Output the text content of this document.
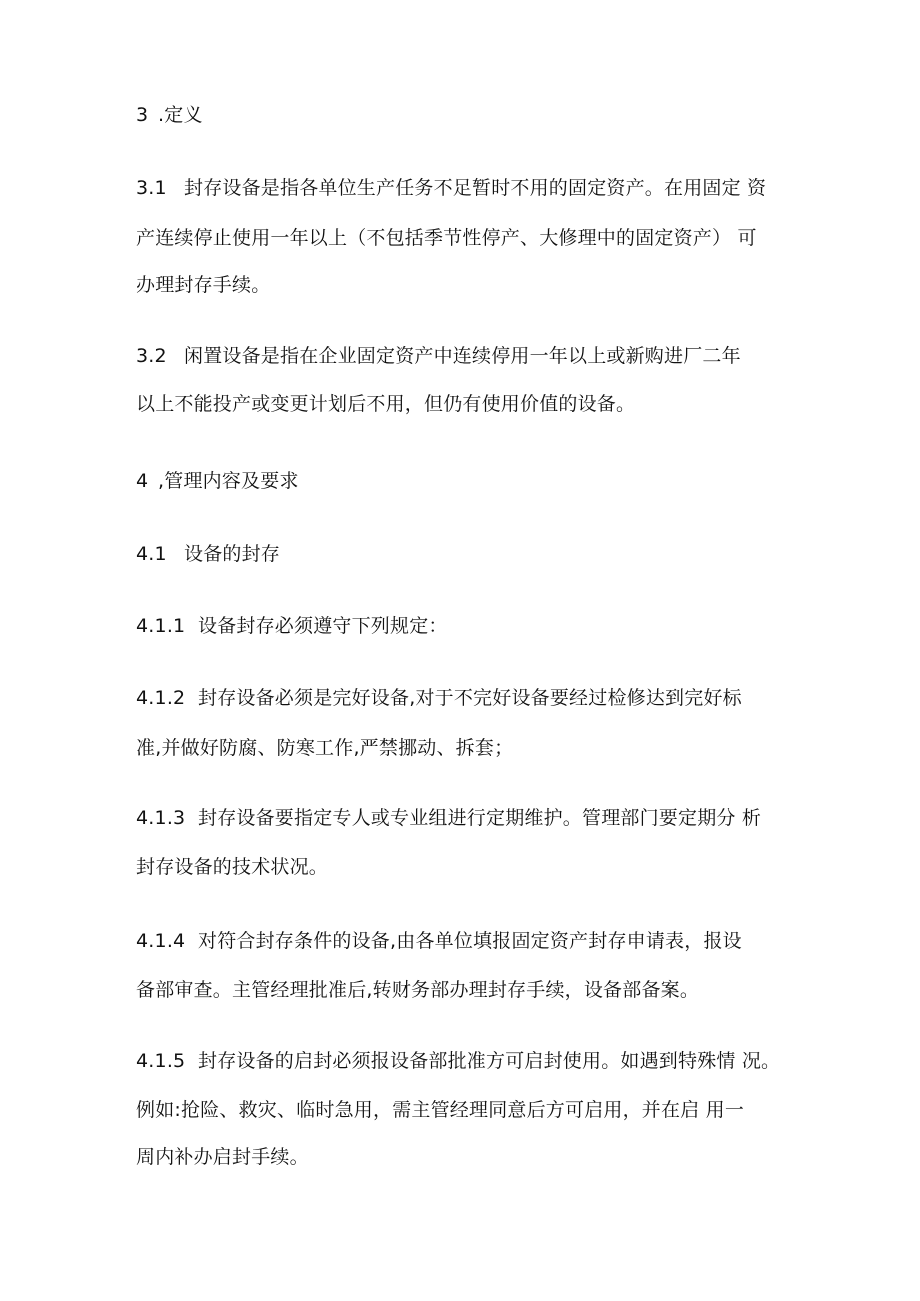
3 .定义
3.1 封存设备是指各单位生产任务不足暂时不用的固定资产。在用固定 资
产连续停止使用一年以上（不包括季节性停产、大修理中的固定资产） 可
办理封存手续。
3.2 闲置设备是指在企业固定资产中连续停用一年以上或新购进厂二年
以上不能投产或变更计划后不用，但仍有使用价值的设备。
4 ,管理内容及要求
4.1 设备的封存
4.1.1 设备封存必须遵守下列规定：
4.1.2 封存设备必须是完好设备,对于不完好设备要经过检修达到完好标
准,并做好防腐、防寒工作,严禁挪动、拆套；
4.1.3 封存设备要指定专人或专业组进行定期维护。管理部门要定期分 析
封存设备的技术状况。
4.1.4 对符合封存条件的设备,由各单位填报固定资产封存申请表，报设
备部审查。主管经理批准后,转财务部办理封存手续，设备部备案。
4.1.5 封存设备的启封必须报设备部批准方可启封使用。如遇到特殊情 况。
例如:抢险、救灾、临时急用，需主管经理同意后方可启用，并在启 用一
周内补办启封手续。
